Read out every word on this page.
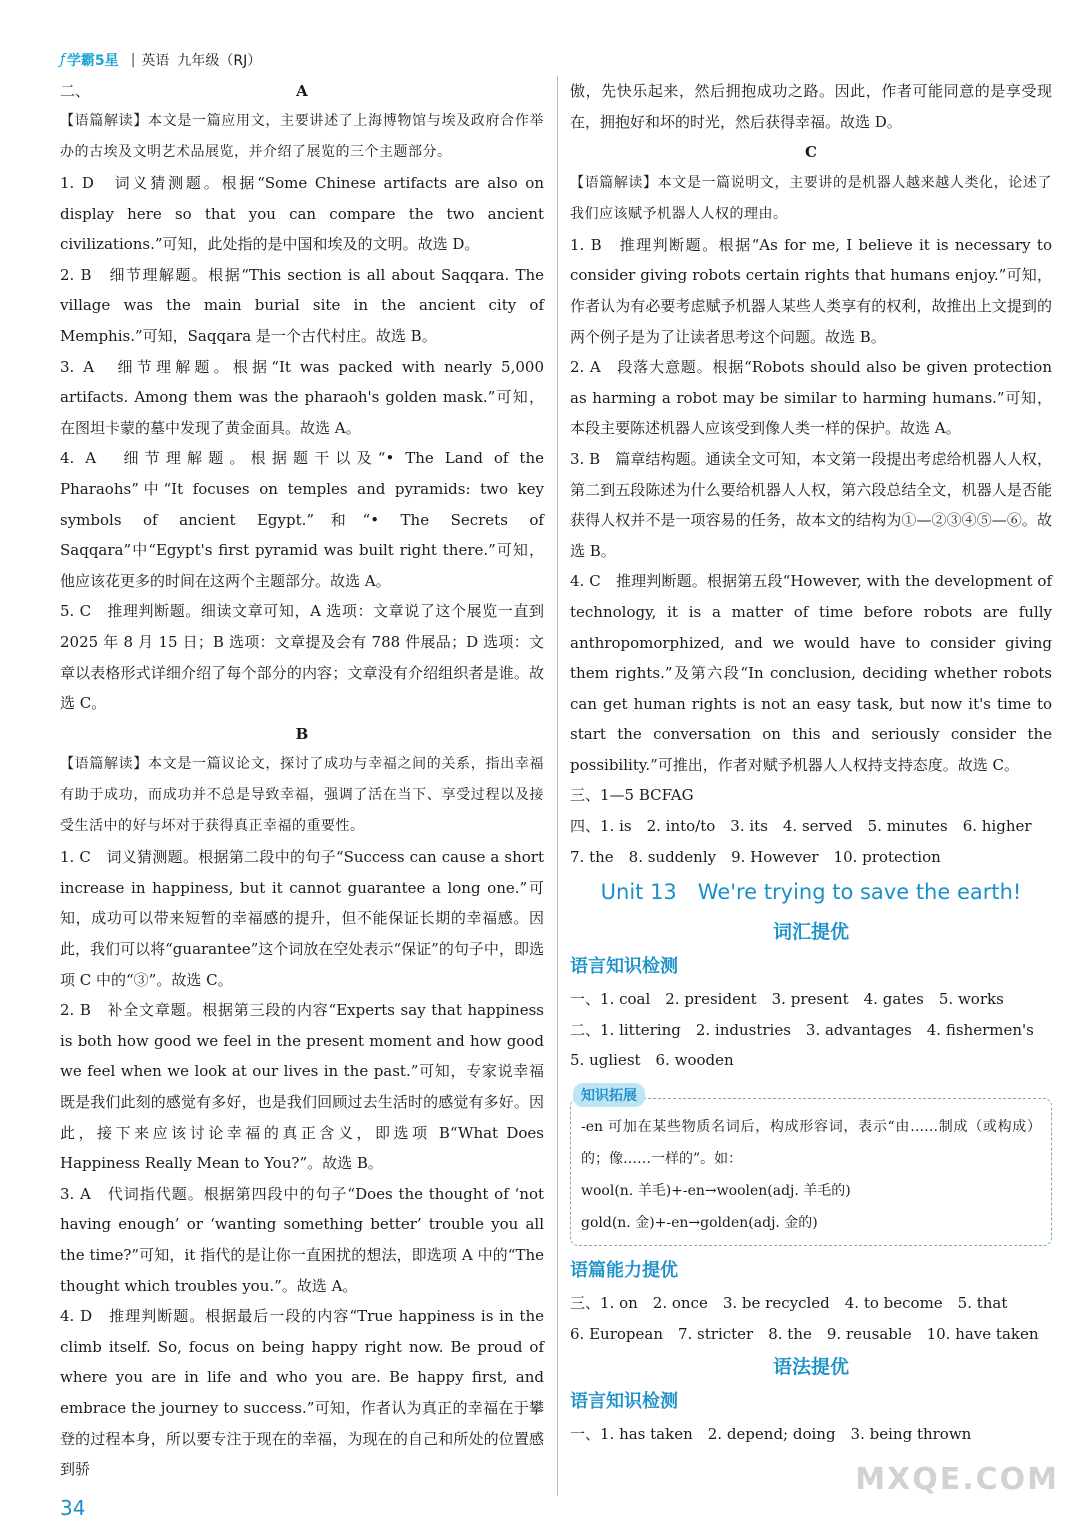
ƒ 学霸5星 | 英语 九年级（RJ）
二、	A

【语篇解读】本文是一篇应用文，主要讲述了上海博物馆与埃及政府合作举办的古埃及文明艺术品展览，并介绍了展览的三个主题部分。

1. D　词义猜测题。根据“Some Chinese artifacts are also on display here so that you can compare the two ancient civilizations.”可知，此处指的是中国和埃及的文明。故选 D。

2. B　细节理解题。根据“This section is all about Saqqara. The village was the main burial site in the ancient city of Memphis.”可知，Saqqara 是一个古代村庄。故选 B。

3. A　细节理解题。根据“It was packed with nearly 5,000 artifacts. Among them was the pharaoh's golden mask.”可知，在图坦卡蒙的墓中发现了黄金面具。故选 A。

4. A　细节理解题。根据题干以及“• The Land of the Pharaohs”中“It focuses on temples and pyramids: two key symbols of ancient Egypt.”和“• The Secrets of Saqqara”中“Egypt's first pyramid was built right there.”可知，他应该花更多的时间在这两个主题部分。故选 A。

5. C　推理判断题。细读文章可知，A 选项：文章说了这个展览一直到 2025 年 8 月 15 日；B 选项：文章提及会有 788 件展品；D 选项：文章以表格形式详细介绍了每个部分的内容；文章没有介绍组织者是谁。故选 C。

B

【语篇解读】本文是一篇议论文，探讨了成功与幸福之间的关系，指出幸福有助于成功，而成功并不总是导致幸福，强调了活在当下、享受过程以及接受生活中的好与坏对于获得真正幸福的重要性。

1. C　词义猜测题。根据第二段中的句子“Success can cause a short increase in happiness, but it cannot guarantee a long one.”可知，成功可以带来短暂的幸福感的提升，但不能保证长期的幸福感。因此，我们可以将“guarantee”这个词放在空处表示“保证”的句子中，即选项 C 中的“③”。故选 C。

2. B　补全文章题。根据第三段的内容“Experts say that happiness is both how good we feel in the present moment and how good we feel when we look at our lives in the past.”可知，专家说幸福既是我们此刻的感觉有多好，也是我们回顾过去生活时的感觉有多好。因此，接下来应该讨论幸福的真正含义，即选项 B“What Does Happiness Really Mean to You?”。故选 B。

3. A　代词指代题。根据第四段中的句子“Does the thought of ‘not having enough’ or ‘wanting something better’ trouble you all the time?”可知，it 指代的是让你一直困扰的想法，即选项 A 中的“The thought which troubles you.”。故选 A。

4. D　推理判断题。根据最后一段的内容“True happiness is in the climb itself. So, focus on being happy right now. Be proud of where you are in life and who you are. Be happy first, and embrace the journey to success.”可知，作者认为真正的幸福在于攀登的过程本身，所以要专注于现在的幸福，为现在的自己和所处的位置感到骄

傲，先快乐起来，然后拥抱成功之路。因此，作者可能同意的是享受现在，拥抱好和坏的时光，然后获得幸福。故选 D。

C

【语篇解读】本文是一篇说明文，主要讲的是机器人越来越人类化，论述了我们应该赋予机器人人权的理由。

1. B　推理判断题。根据“As for me, I believe it is necessary to consider giving robots certain rights that humans enjoy.”可知，作者认为有必要考虑赋予机器人某些人类享有的权利，故推出上文提到的两个例子是为了让读者思考这个问题。故选 B。

2. A　段落大意题。根据“Robots should also be given protection as harming a robot may be similar to harming humans.”可知，本段主要陈述机器人应该受到像人类一样的保护。故选 A。

3. B　篇章结构题。通读全文可知，本文第一段提出考虑给机器人人权，第二到五段陈述为什么要给机器人人权，第六段总结全文，机器人是否能获得人权并不是一项容易的任务，故本文的结构为①—②③④⑤—⑥。故选 B。

4. C　推理判断题。根据第五段“However, with the development of technology, it is a matter of time before robots are fully anthropomorphized, and we would have to consider giving them rights.”及第六段“In conclusion, deciding whether robots can get human rights is not an easy task, but now it's time to start the conversation on this and seriously consider the possibility.”可推出，作者对赋予机器人人权持支持态度。故选 C。

三、1—5 BCFAG

四、1. is　2. into/to　3. its　4. served　5. minutes　6. higher

7. the　8. suddenly　9. However　10. protection

Unit 13　We're trying to save the earth!
词汇提优

语言知识检测

一、1. coal　2. president　3. present　4. gates　5. works

二、1. littering　2. industries　3. advantages　4. fishermen's

5. ugliest　6. wooden

知识拓展

-en 可加在某些物质名词后，构成形容词，表示“由……制成（或构成）的；像……一样的”。如：

wool(n. 羊毛)+-en→woolen(adj. 羊毛的)

gold(n. 金)+-en→golden(adj. 金的)

语篇能力提优

三、1. on　2. once　3. be recycled　4. to become　5. that

6. European　7. stricter　8. the　9. reusable　10. have taken

语法提优

语言知识检测

一、1. has taken　2. depend; doing　3. being thrown

34
MXQE.COM
